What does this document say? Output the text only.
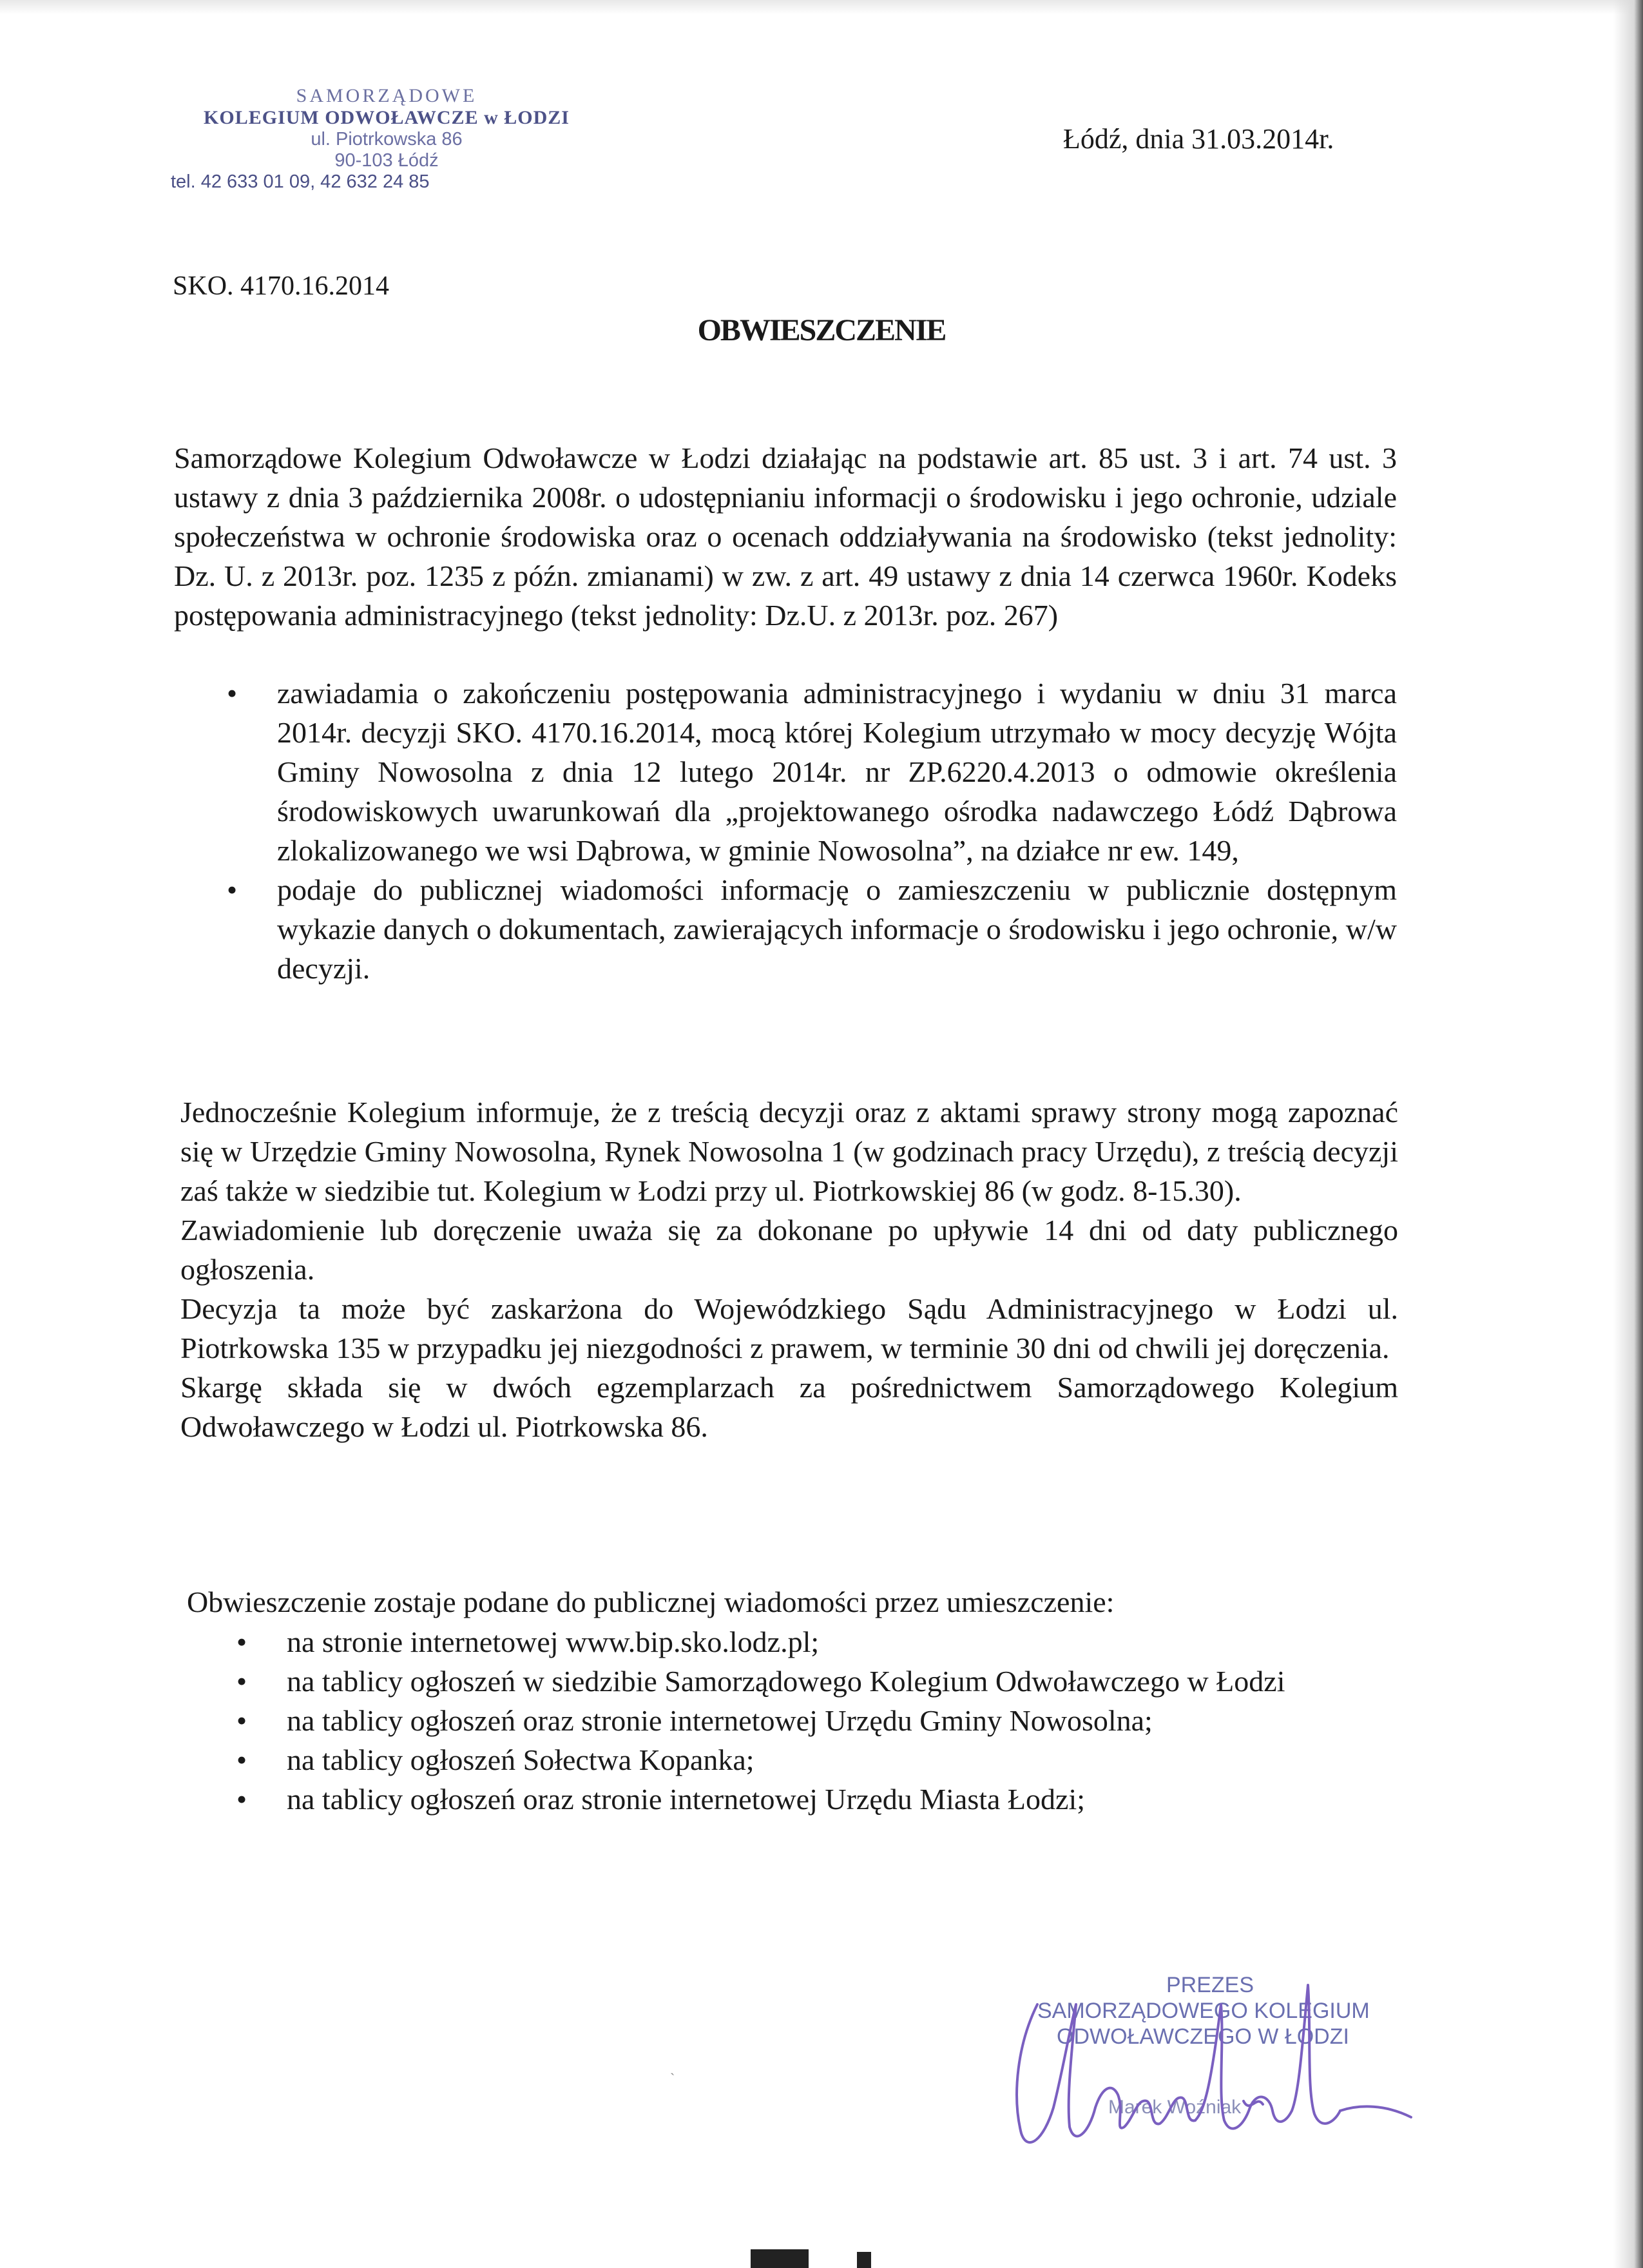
SAMORZĄDOWE
KOLEGIUM ODWOŁAWCZE w ŁODZI
ul. Piotrkowska 86
90-103 Łódź
tel. 42 633 01 09, 42 632 24 85
Łódź, dnia 31.03.2014r.
SKO. 4170.16.2014
OBWIESZCZENIE
Samorządowe Kolegium Odwoławcze w Łodzi działając na podstawie art. 85 ust. 3 i art. 74 ust. 3 ustawy z dnia 3 października 2008r. o udostępnianiu informacji o środowisku i jego ochronie, udziale społeczeństwa w ochronie środowiska oraz o ocenach oddziaływania na środowisko (tekst jednolity: Dz. U. z 2013r. poz. 1235 z późn. zmianami) w zw. z art. 49 ustawy z dnia 14 czerwca 1960r. Kodeks postępowania administracyjnego (tekst jednolity: Dz.U. z 2013r. poz. 267)
• zawiadamia o zakończeniu postępowania administracyjnego i wydaniu w dniu 31 marca 2014r. decyzji SKO. 4170.16.2014, mocą której Kolegium utrzymało w mocy decyzję Wójta Gminy Nowosolna z dnia 12 lutego 2014r. nr ZP.6220.4.2013 o odmowie określenia środowiskowych uwarunkowań dla „projektowanego ośrodka nadawczego Łódź Dąbrowa zlokalizowanego we wsi Dąbrowa, w gminie Nowosolna”, na działce nr ew. 149,
• podaje do publicznej wiadomości informację o zamieszczeniu w publicznie dostępnym wykazie danych o dokumentach, zawierających informacje o środowisku i jego ochronie, w/w decyzji.
Jednocześnie Kolegium informuje, że z treścią decyzji oraz z aktami sprawy strony mogą zapoznać się w Urzędzie Gminy Nowosolna, Rynek Nowosolna 1 (w godzinach pracy Urzędu), z treścią decyzji zaś także w siedzibie tut. Kolegium w Łodzi przy ul. Piotrkowskiej 86 (w godz. 8-15.30).
Zawiadomienie lub doręczenie uważa się za dokonane po upływie 14 dni od daty publicznego ogłoszenia.
Decyzja ta może być zaskarżona do Wojewódzkiego Sądu Administracyjnego w Łodzi ul. Piotrkowska 135 w przypadku jej niezgodności z prawem, w terminie 30 dni od chwili jej doręczenia.
Skargę składa się w dwóch egzemplarzach za pośrednictwem Samorządowego Kolegium Odwoławczego w Łodzi ul. Piotrkowska 86.
Obwieszczenie zostaje podane do publicznej wiadomości przez umieszczenie:
• na stronie internetowej www.bip.sko.lodz.pl;
• na tablicy ogłoszeń w siedzibie Samorządowego Kolegium Odwoławczego w Łodzi
• na tablicy ogłoszeń oraz stronie internetowej Urzędu Gminy Nowosolna;
• na tablicy ogłoszeń Sołectwa Kopanka;
• na tablicy ogłoszeń oraz stronie internetowej Urzędu Miasta Łodzi;
PREZES
SAMORZĄDOWEGO KOLEGIUM
ODWOŁAWCZEGO W ŁODZI
Marek Woźniak
ˎ
